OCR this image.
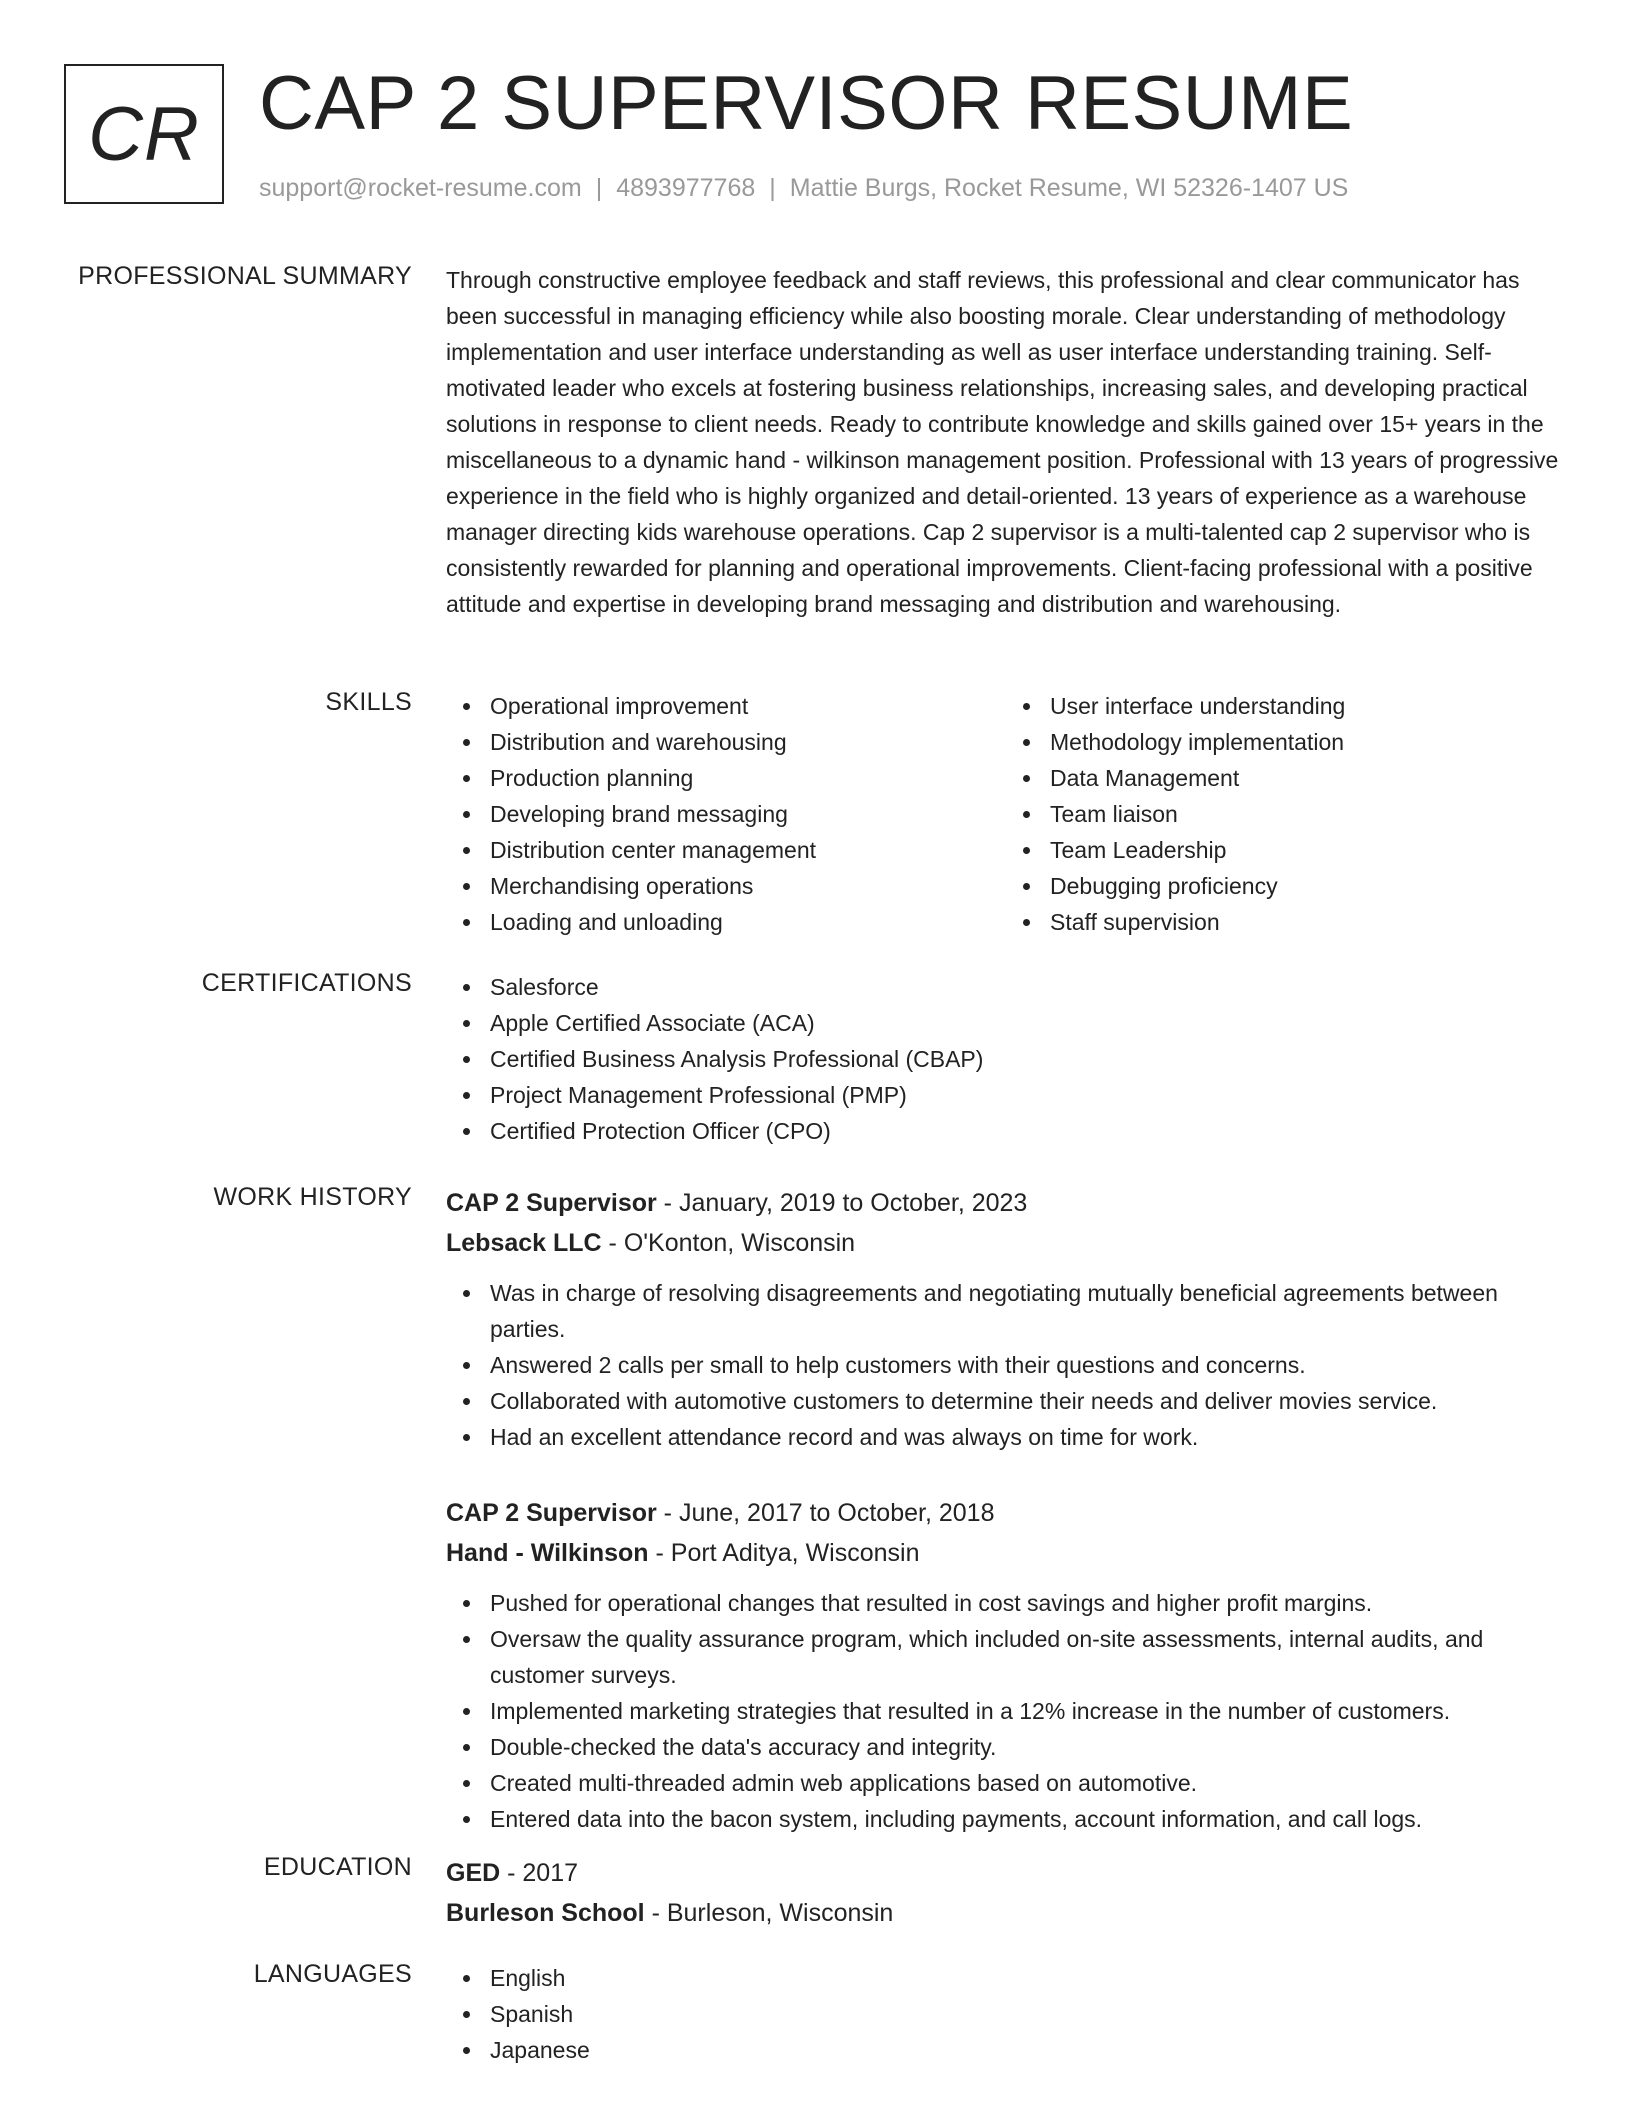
CR CAP 2 SUPERVISOR RESUME
support@rocket-resume.com | 4893977768 | Mattie Burgs, Rocket Resume, WI 52326-1407 US
PROFESSIONAL SUMMARY Through constructive employee feedback and staff reviews, this professional and clear communicator has been successful in managing efficiency while also boosting morale. Clear understanding of methodology implementation and user interface understanding as well as user interface understanding training. Self-motivated leader who excels at fostering business relationships, increasing sales, and developing practical solutions in response to client needs. Ready to contribute knowledge and skills gained over 15+ years in the miscellaneous to a dynamic hand - wilkinson management position. Professional with 13 years of progressive experience in the field who is highly organized and detail-oriented. 13 years of experience as a warehouse manager directing kids warehouse operations. Cap 2 supervisor is a multi-talented cap 2 supervisor who is consistently rewarded for planning and operational improvements. Client-facing professional with a positive attitude and expertise in developing brand messaging and distribution and warehousing.

SKILLS	Operational improvement
Distribution and warehousing
Production planning
Developing brand messaging
Distribution center management
Merchandising operations
Loading and unloading
User interface understanding
Methodology implementation
Data Management
Team liaison
Team Leadership
Debugging proficiency
Staff supervision
CERTIFICATIONS	Salesforce
Apple Certified Associate (ACA)
Certified Business Analysis Professional (CBAP)
Project Management Professional (PMP)
Certified Protection Officer (CPO)
WORK HISTORY CAP 2 Supervisor - January, 2019 to October, 2023
Lebsack LLC - O'Konton, Wisconsin
Was in charge of resolving disagreements and negotiating mutually beneficial agreements between parties.
Answered 2 calls per small to help customers with their questions and concerns.
Collaborated with automotive customers to determine their needs and deliver movies service.
Had an excellent attendance record and was always on time for work.
CAP 2 Supervisor - June, 2017 to October, 2018
Hand - Wilkinson - Port Aditya, Wisconsin
Pushed for operational changes that resulted in cost savings and higher profit margins.
Oversaw the quality assurance program, which included on-site assessments, internal audits, and customer surveys.
Implemented marketing strategies that resulted in a 12% increase in the number of customers.
Double-checked the data's accuracy and integrity.
Created multi-threaded admin web applications based on automotive.
Entered data into the bacon system, including payments, account information, and call logs.
EDUCATION GED - 2017
Burleson School - Burleson, Wisconsin
LANGUAGES	English
Spanish
Japanese
